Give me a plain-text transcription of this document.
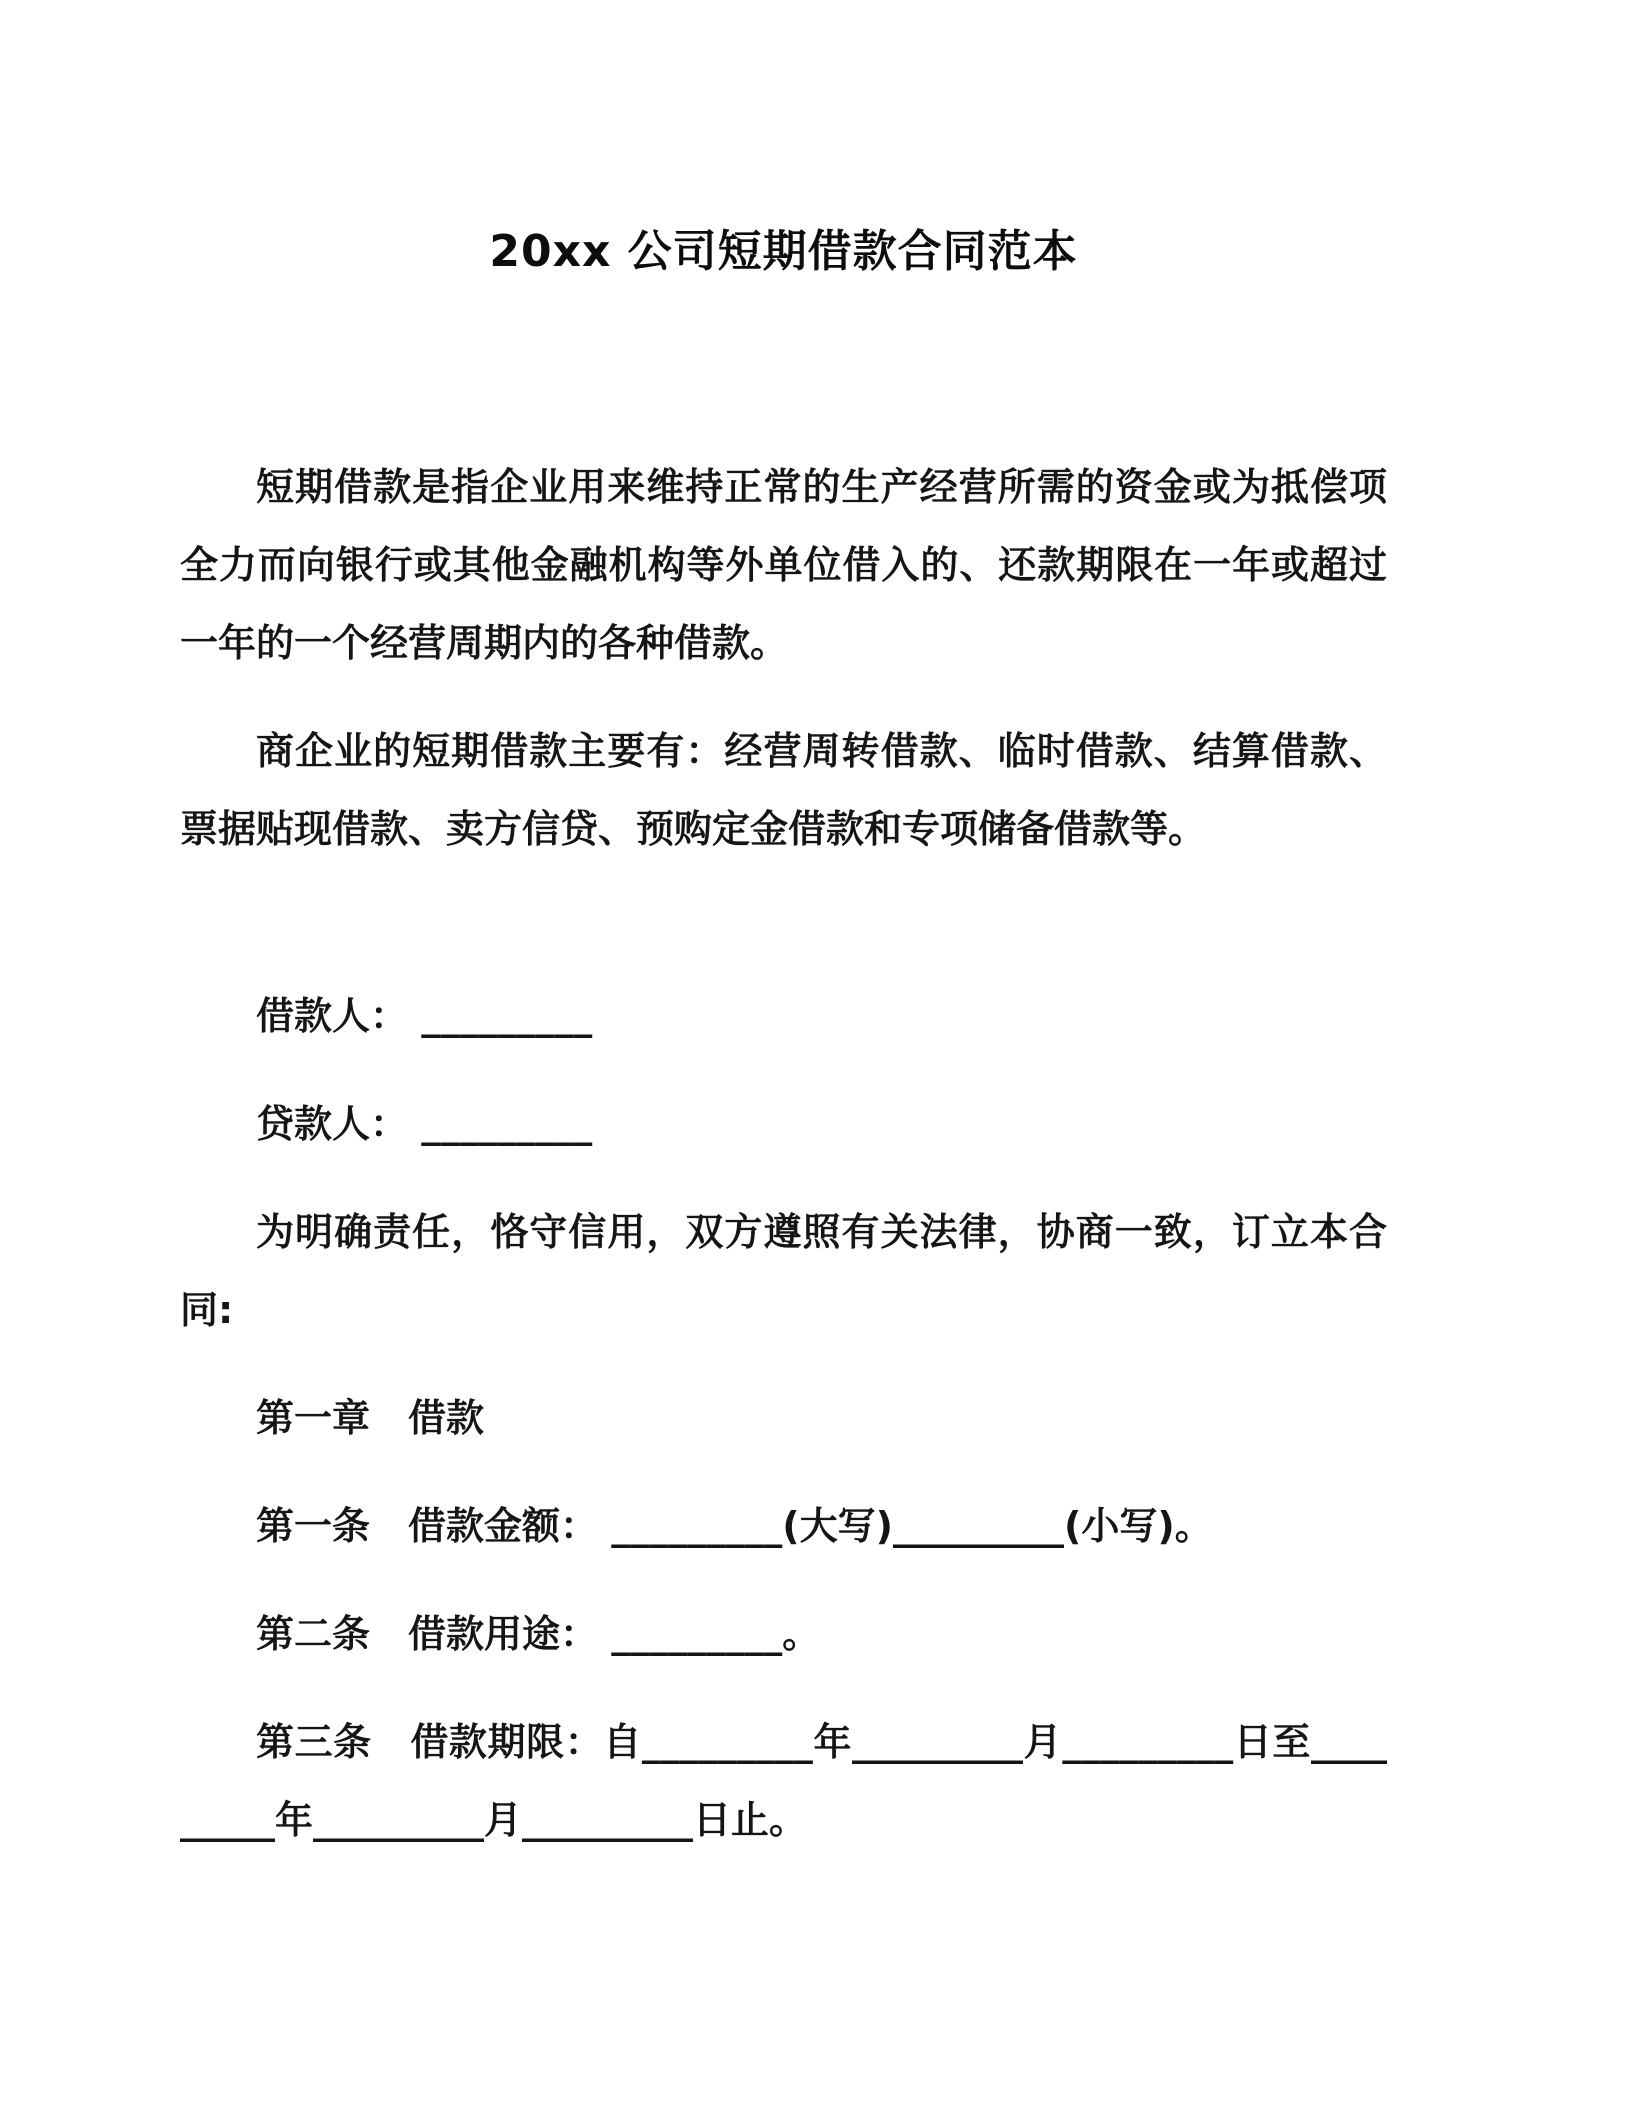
20xx 公司短期借款合同范本

短期借款是指企业用来维持正常的生产经营所需的资金或为抵偿项全力而向银行或其他金融机构等外单位借入的、还款期限在一年或超过一年的一个经营周期内的各种借款。

商企业的短期借款主要有：经营周转借款、临时借款、结算借款、票据贴现借款、卖方信贷、预购定金借款和专项储备借款等。

借款人： _________

贷款人： _________

为明确责任，恪守信用，双方遵照有关法律，协商一致，订立本合同:

第一章　借款

第一条　借款金额： _________(大写)_________(小写)。

第二条　借款用途： _________。

第三条　借款期限：自_________年_________月_________日至_________年_________月_________日止。
